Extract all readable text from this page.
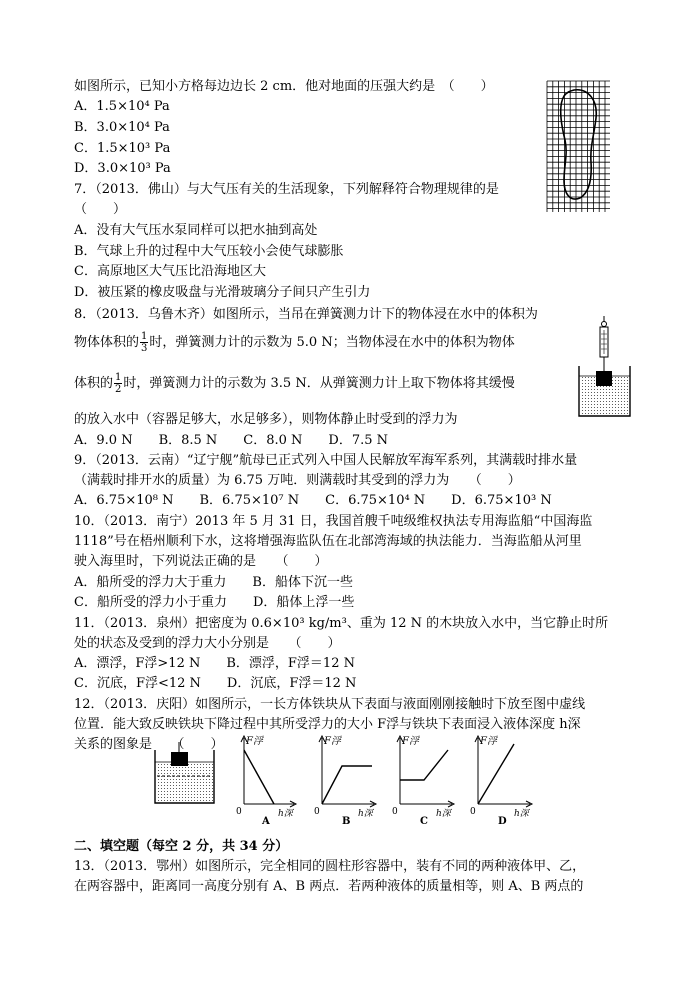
如图所示，已知小方格每边边长 2 cm．他对地面的压强大约是　（　　）
A．1.5×10⁴ Pa
B．3.0×10⁴ Pa
C．1.5×10³ Pa
D．3.0×10³ Pa
7．（2013．佛山）与大气压有关的生活现象，下列解释符合物理规律的是
（　　）
A．没有大气压水泵同样可以把水抽到高处
B．气球上升的过程中大气压较小会使气球膨胀
C．高原地区大气压比沿海地区大
D．被压紧的橡皮吸盘与光滑玻璃分子间只产生引力
8．（2013．乌鲁木齐）如图所示，当吊在弹簧测力计下的物体浸在水中的体积为
物体体积的 $\frac{1}{3}$ 时，弹簧测力计的示数为 5.0 N；当物体浸在水中的体积为物体
体积的 $\frac{1}{2}$ 时，弹簧测力计的示数为 3.5 N．从弹簧测力计上取下物体将其缓慢
的放入水中（容器足够大，水足够多），则物体静止时受到的浮力为
A．9.0 N　　B．8.5 N　　C．8.0 N　　D．7.5 N
9．（2013．云南）“辽宁舰”航母已正式列入中国人民解放军海军系列，其满载时排水量
（满载时排开水的质量）为 6.75 万吨．则满载时其受到的浮力为　　（　　）
A．6.75×10⁸ N　　B．6.75×10⁷ N　　C．6.75×10⁴ N　　D．6.75×10³ N
10．（2013．南宁）2013 年 5 月 31 日，我国首艘千吨级维权执法专用海监船“中国海监
1118”号在梧州顺利下水，这将增强海监队伍在北部湾海域的执法能力．当海监船从河里
驶入海里时，下列说法正确的是　　（　　）
A．船所受的浮力大于重力　　B．船体下沉一些
C．船所受的浮力小于重力　　D．船体上浮一些
11．（2013．泉州）把密度为 0.6×10³ kg/m³、重为 12 N 的木块放入水中，当它静止时所
处的状态及受到的浮力大小分别是　　（　　）
A．漂浮，F浮>12 N　　B．漂浮，F浮＝12 N
C．沉底，F浮<12 N　　D．沉底，F浮＝12 N
12．（2013．庆阳）如图所示，一长方体铁块从下表面与液面刚刚接触时下放至图中虚线
位置．能大致反映铁块下降过程中其所受浮力的大小 F浮与铁块下表面浸入液体深度 h深
关系的图象是　　（　　） F浮
0	h深
A
F浮
0	h深
B
F浮
0	h深
C
F浮
0	h深
D
二、填空题（每空 2 分，共 34 分）
13．（2013．鄂州）如图所示，完全相同的圆柱形容器中，装有不同的两种液体甲、乙，
在两容器中，距离同一高度分别有 A、B 两点．若两种液体的质量相等，则 A、B 两点的
